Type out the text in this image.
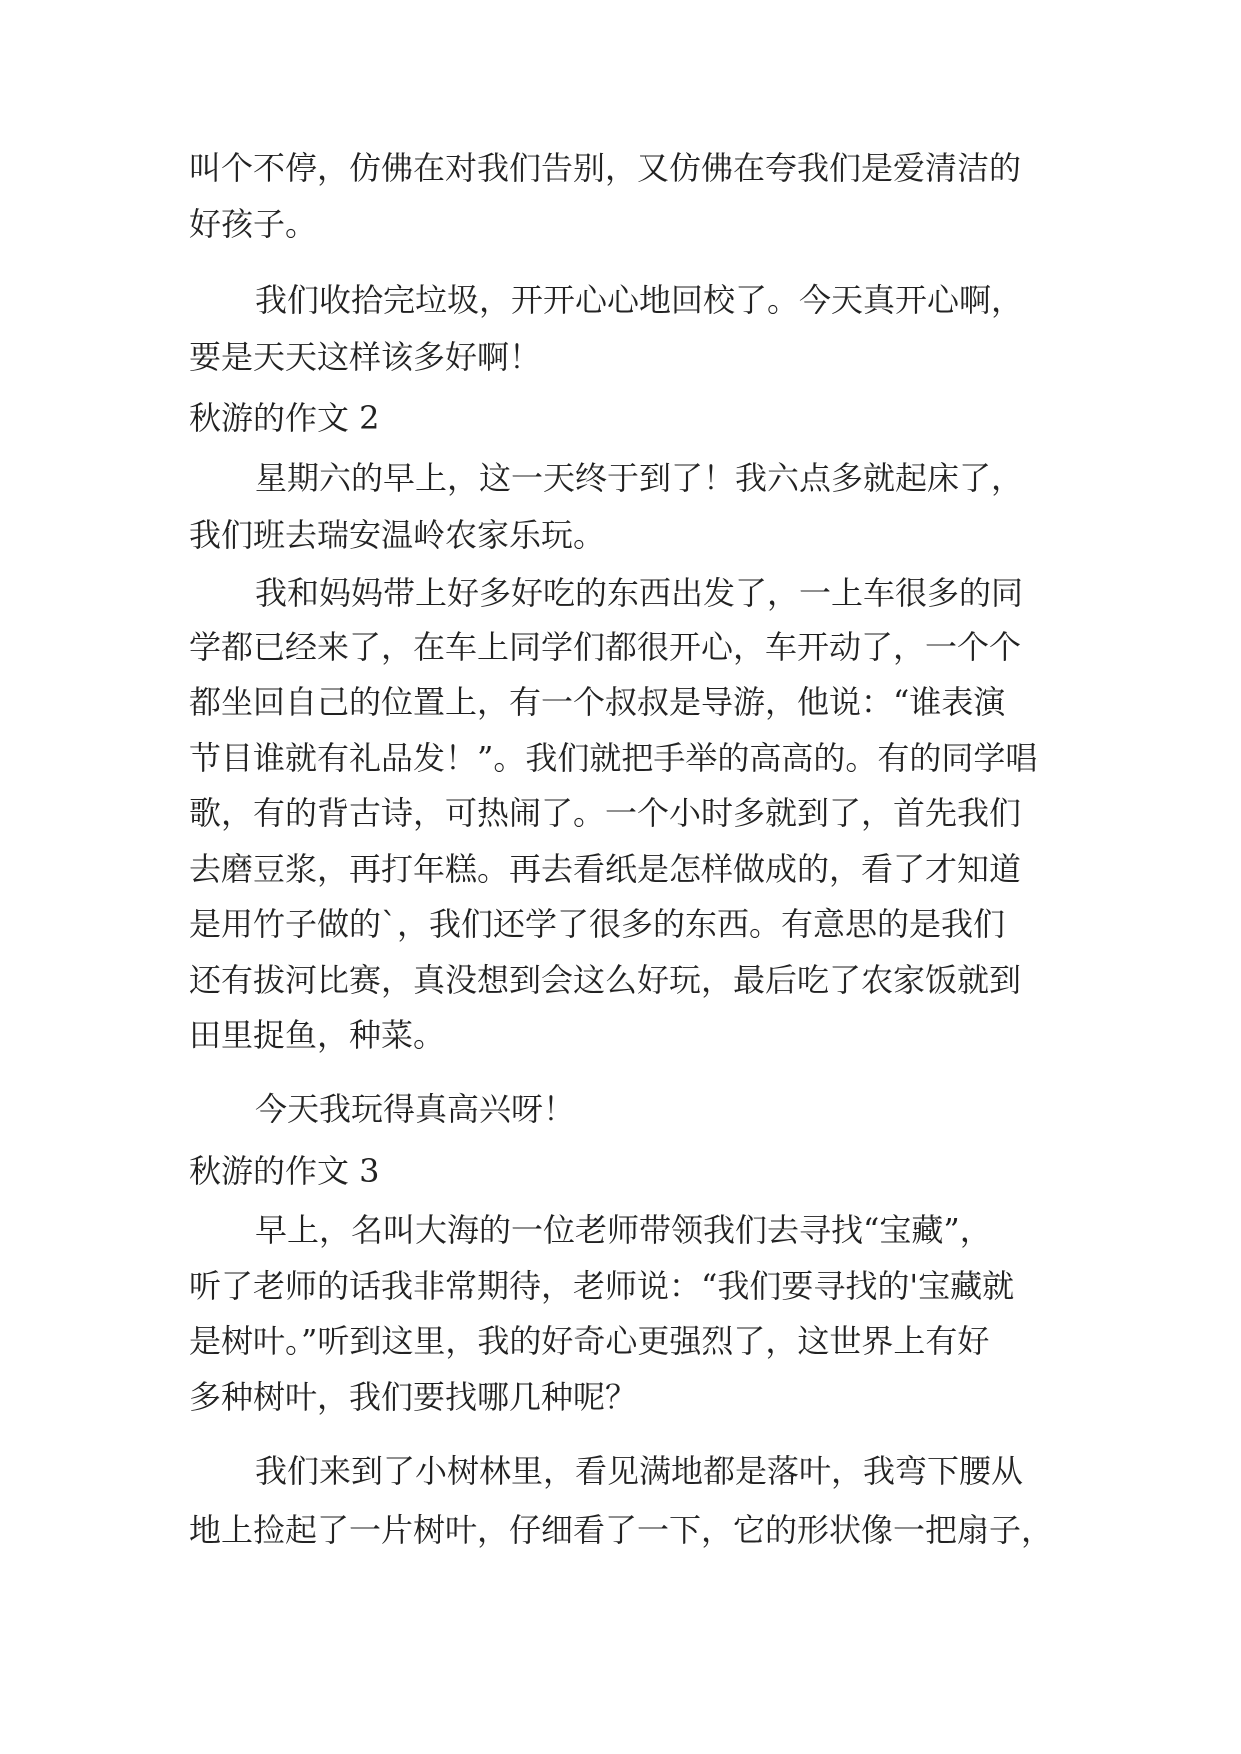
叫个不停，仿佛在对我们告别，又仿佛在夸我们是爱清洁的

好孩子。

我们收拾完垃圾，开开心心地回校了。今天真开心啊，

要是天天这样该多好啊！

秋游的作文 2

星期六的早上，这一天终于到了！我六点多就起床了，

我们班去瑞安温岭农家乐玩。

我和妈妈带上好多好吃的东西出发了，一上车很多的同

学都已经来了，在车上同学们都很开心，车开动了，一个个

都坐回自己的位置上，有一个叔叔是导游，他说：“谁表演

节目谁就有礼品发！”。我们就把手举的高高的。有的同学唱

歌，有的背古诗，可热闹了。一个小时多就到了，首先我们

去磨豆浆，再打年糕。再去看纸是怎样做成的，看了才知道

是用竹子做的`，我们还学了很多的东西。有意思的是我们

还有拔河比赛，真没想到会这么好玩，最后吃了农家饭就到

田里捉鱼，种菜。

今天我玩得真高兴呀！

秋游的作文 3

早上，名叫大海的一位老师带领我们去寻找“宝藏”，

听了老师的话我非常期待，老师说：“我们要寻找的'宝藏就

是树叶。”听到这里，我的好奇心更强烈了，这世界上有好

多种树叶，我们要找哪几种呢？

我们来到了小树林里，看见满地都是落叶，我弯下腰从

地上捡起了一片树叶，仔细看了一下，它的形状像一把扇子，
